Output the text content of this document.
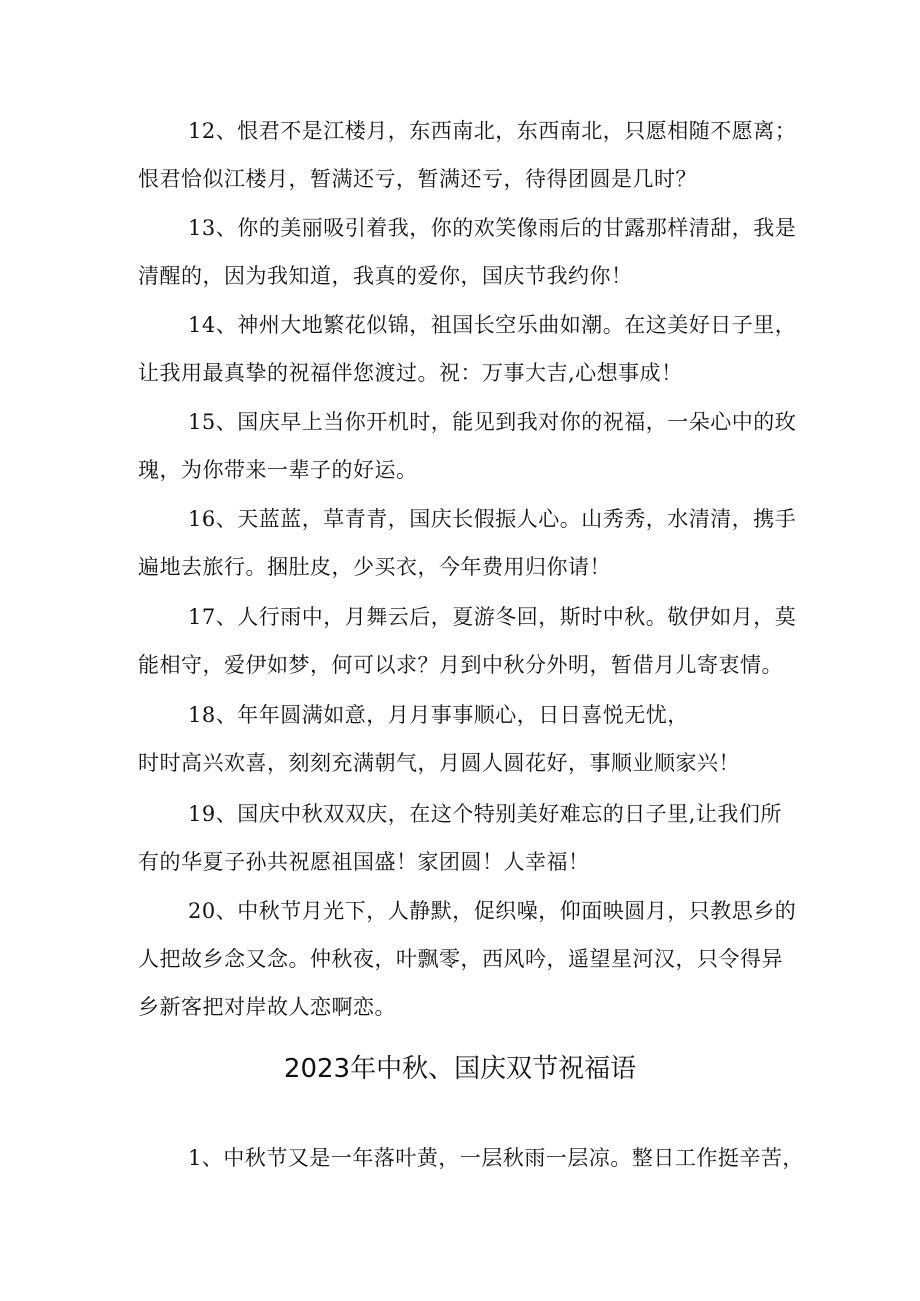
12、恨君不是江楼月，东西南北，东西南北，只愿相随不愿离；
恨君恰似江楼月，暂满还亏，暂满还亏，待得团圆是几时？

13、你的美丽吸引着我，你的欢笑像雨后的甘露那样清甜，我是
清醒的，因为我知道，我真的爱你，国庆节我约你！

14、神州大地繁花似锦，祖国长空乐曲如潮。在这美好日子里，
让我用最真挚的祝福伴您渡过。祝：万事大吉,心想事成！

15、国庆早上当你开机时，能见到我对你的祝福，一朵心中的玫
瑰，为你带来一辈子的好运。

16、天蓝蓝，草青青，国庆长假振人心。山秀秀，水清清，携手
遍地去旅行。捆肚皮，少买衣，今年费用归你请！

17、人行雨中，月舞云后，夏游冬回，斯时中秋。敬伊如月，莫
能相守，爱伊如梦，何可以求？月到中秋分外明，暂借月儿寄衷情。

18、年年圆满如意，月月事事顺心，日日喜悦无忧，
时时高兴欢喜，刻刻充满朝气，月圆人圆花好，事顺业顺家兴！

19、国庆中秋双双庆，在这个特别美好难忘的日子里,让我们所
有的华夏子孙共祝愿祖国盛！家团圆！人幸福！

20、中秋节月光下，人静默，促织噪，仰面映圆月，只教思乡的
人把故乡念又念。仲秋夜，叶飘零，西风吟，遥望星河汉，只令得异
乡新客把对岸故人恋啊恋。

2023年中秋、国庆双节祝福语

1、中秋节又是一年落叶黄，一层秋雨一层凉。整日工作挺辛苦，
